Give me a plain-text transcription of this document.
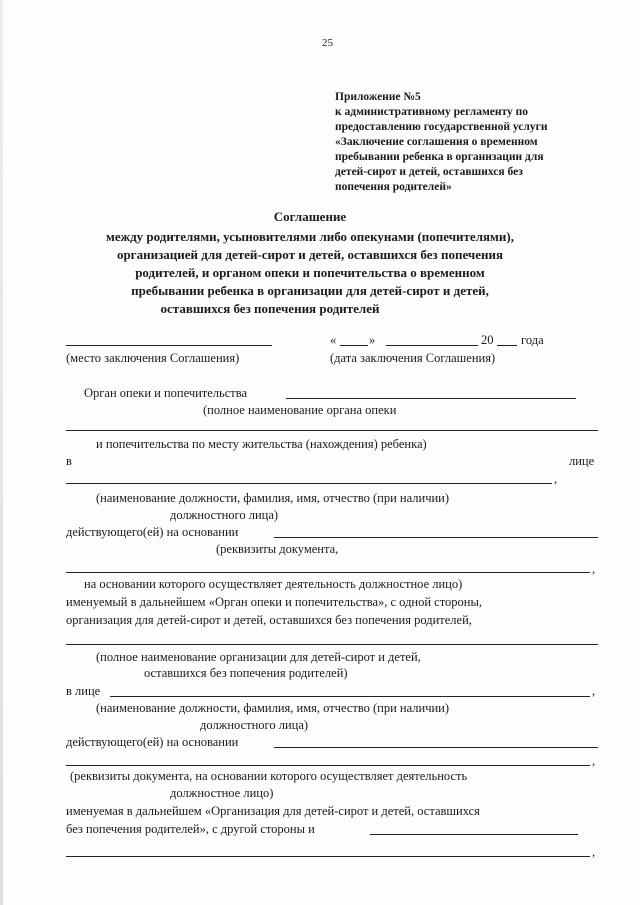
25
Приложение №5
к административному регламенту по
предоставлению государственной услуги
«Заключение соглашения о временном
пребывании ребенка в организации для
детей-сирот и детей, оставшихся без
попечения родителей»
Соглашение
между родителями, усыновителями либо опекунами (попечителями),
организацией для детей-сирот и детей, оставшихся без попечения
родителей, и органом опеки и попечительства о временном
пребывании ребенка в организации для детей-сирот и детей,
оставшихся без попечения родителей
«	»	20 года
(место заключения Соглашения)	(дата заключения Соглашения)
Орган опеки и попечительства
(полное наименование органа опеки
и попечительства по месту жительства (нахождения) ребенка)
в	лице
,
(наименование должности, фамилия, имя, отчество (при наличии)
должностного лица)
действующего(ей) на основании
(реквизиты документа,
,
на основании которого осуществляет деятельность должностное лицо)
именуемый в дальнейшем «Орган опеки и попечительства», с одной стороны,
организация для детей-сирот и детей, оставшихся без попечения родителей,
(полное наименование организации для детей-сирот и детей,
оставшихся без попечения родителей)
в лице	,
(наименование должности, фамилия, имя, отчество (при наличии)
должностного лица)
действующего(ей) на основании
,
(реквизиты документа, на основании которого осуществляет деятельность
должностное лицо)
именуемая в дальнейшем «Организация для детей-сирот и детей, оставшихся
без попечения родителей», с другой стороны и
,
